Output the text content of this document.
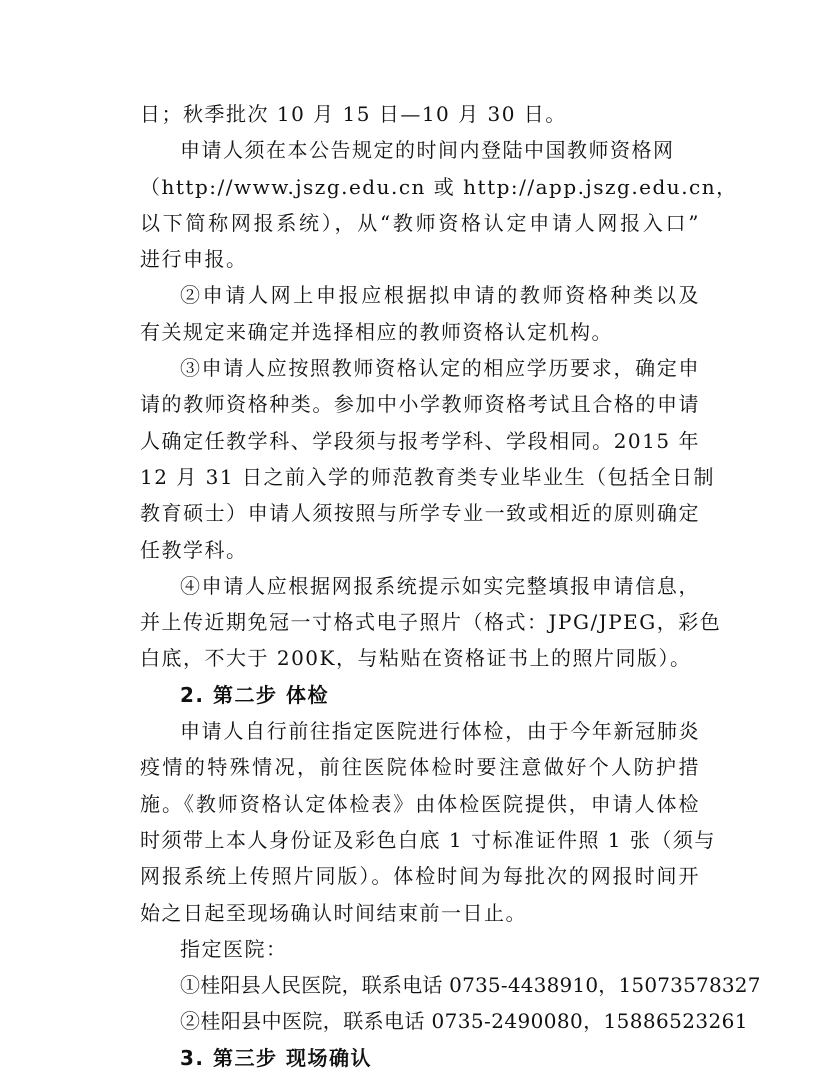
日；秋季批次 10 月 15 日—10 月 30 日。
申请人须在本公告规定的时间内登陆中国教师资格网
（http://www.jszg.edu.cn 或 http://app.jszg.edu.cn，
以下简称网报系统），从“教师资格认定申请人网报入口”
进行申报。
②申请人网上申报应根据拟申请的教师资格种类以及
有关规定来确定并选择相应的教师资格认定机构。
③申请人应按照教师资格认定的相应学历要求，确定申
请的教师资格种类。参加中小学教师资格考试且合格的申请
人确定任教学科、学段须与报考学科、学段相同。2015 年
12 月 31 日之前入学的师范教育类专业毕业生（包括全日制
教育硕士）申请人须按照与所学专业一致或相近的原则确定
任教学科。
④申请人应根据网报系统提示如实完整填报申请信息，
并上传近期免冠一寸格式电子照片（格式：JPG/JPEG，彩色
白底，不大于 200K，与粘贴在资格证书上的照片同版）。
2. 第二步 体检
申请人自行前往指定医院进行体检，由于今年新冠肺炎
疫情的特殊情况，前往医院体检时要注意做好个人防护措
施。《教师资格认定体检表》由体检医院提供，申请人体检
时须带上本人身份证及彩色白底 1 寸标准证件照 1 张（须与
网报系统上传照片同版）。体检时间为每批次的网报时间开
始之日起至现场确认时间结束前一日止。
指定医院：
①桂阳县人民医院，联系电话 0735-4438910，15073578327
②桂阳县中医院，联系电话 0735-2490080，15886523261
3. 第三步 现场确认
